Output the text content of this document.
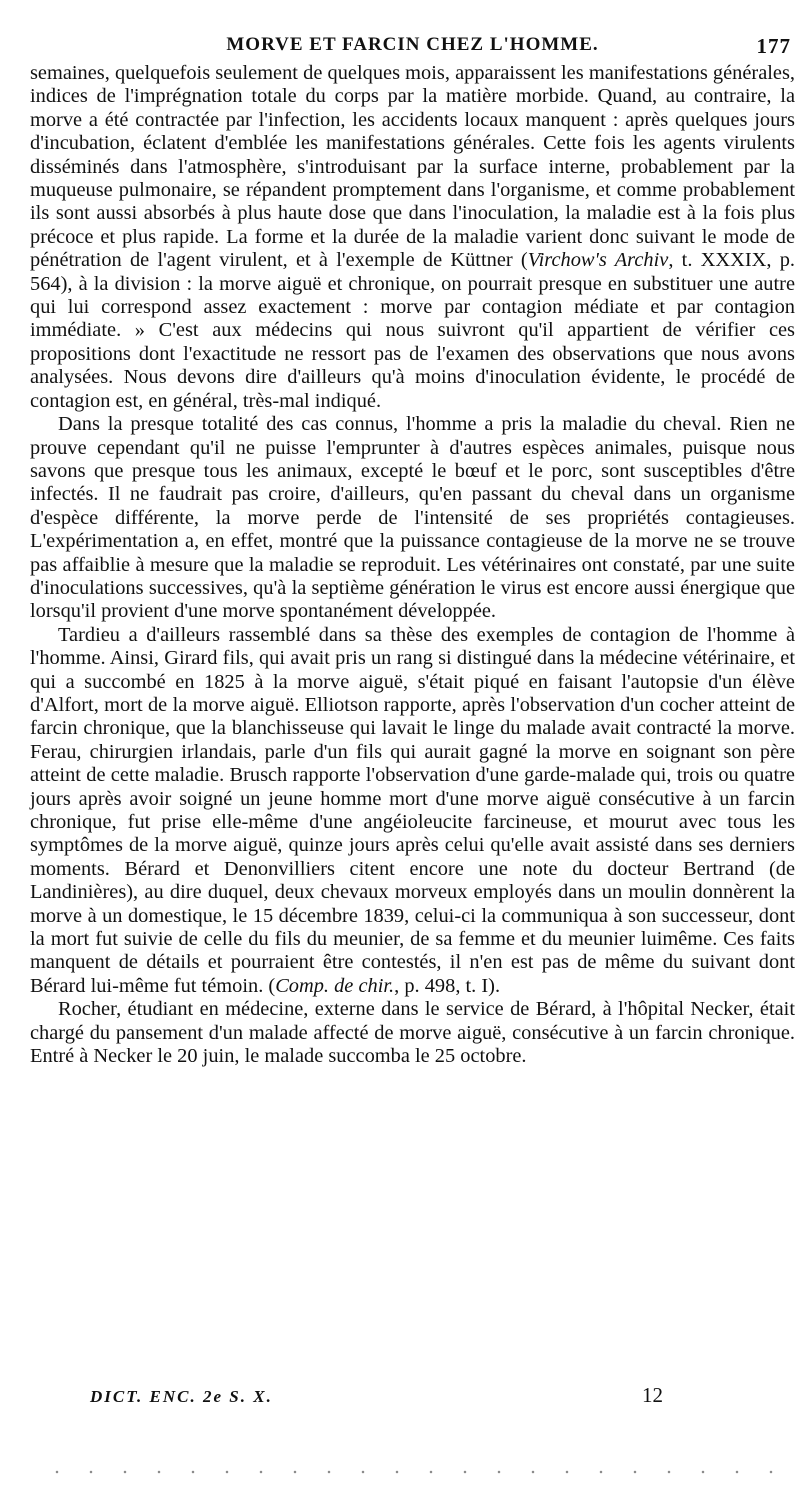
MORVE ET FARCIN CHEZ L'HOMME.	177

semaines, quelquefois seulement de quelques mois, apparaissent les manifestations générales, indices de l'imprégnation totale du corps par la matière morbide. Quand, au contraire, la morve a été contractée par l'infection, les accidents locaux manquent : après quelques jours d'incubation, éclatent d'emblée les manifestations générales. Cette fois les agents virulents disséminés dans l'atmosphère, s'introduisant par la surface interne, probablement par la muqueuse pulmonaire, se répandent promptement dans l'organisme, et comme probablement ils sont aussi absorbés à plus haute dose que dans l'inoculation, la maladie est à la fois plus précoce et plus rapide. La forme et la durée de la maladie varient donc suivant le mode de pénétration de l'agent virulent, et à l'exemple de Küttner (Virchow's Archiv, t. XXXIX, p. 564), à la division : la morve aiguë et chronique, on pourrait presque en substituer une autre qui lui correspond assez exactement : morve par contagion médiate et par contagion immédiate. » C'est aux médecins qui nous suivront qu'il appartient de vérifier ces propositions dont l'exactitude ne ressort pas de l'examen des observations que nous avons analysées. Nous devons dire d'ailleurs qu'à moins d'inoculation évidente, le procédé de contagion est, en général, très-mal indiqué.

Dans la presque totalité des cas connus, l'homme a pris la maladie du cheval. Rien ne prouve cependant qu'il ne puisse l'emprunter à d'autres espèces animales, puisque nous savons que presque tous les animaux, excepté le bœuf et le porc, sont susceptibles d'être infectés. Il ne faudrait pas croire, d'ailleurs, qu'en passant du cheval dans un organisme d'espèce différente, la morve perde de l'intensité de ses propriétés contagieuses. L'expérimentation a, en effet, montré que la puissance contagieuse de la morve ne se trouve pas affaiblie à mesure que la maladie se reproduit. Les vétérinaires ont constaté, par une suite d'inoculations successives, qu'à la septième génération le virus est encore aussi énergique que lorsqu'il provient d'une morve spontanément développée.

Tardieu a d'ailleurs rassemblé dans sa thèse des exemples de contagion de l'homme à l'homme. Ainsi, Girard fils, qui avait pris un rang si distingué dans la médecine vétérinaire, et qui a succombé en 1825 à la morve aiguë, s'était piqué en faisant l'autopsie d'un élève d'Alfort, mort de la morve aiguë. Elliotson rapporte, après l'observation d'un cocher atteint de farcin chronique, que la blanchisseuse qui lavait le linge du malade avait contracté la morve. Ferau, chirurgien irlandais, parle d'un fils qui aurait gagné la morve en soignant son père atteint de cette maladie. Brusch rapporte l'observation d'une garde-malade qui, trois ou quatre jours après avoir soigné un jeune homme mort d'une morve aiguë consécutive à un farcin chronique, fut prise elle-même d'une angéioleucite farcineuse, et mourut avec tous les symptômes de la morve aiguë, quinze jours après celui qu'elle avait assisté dans ses derniers moments. Bérard et Denonvilliers citent encore une note du docteur Bertrand (de Landinières), au dire duquel, deux chevaux morveux employés dans un moulin donnèrent la morve à un domestique, le 15 décembre 1839, celui-ci la communiqua à son successeur, dont la mort fut suivie de celle du fils du meunier, de sa femme et du meunier luimême. Ces faits manquent de détails et pourraient être contestés, il n'en est pas de même du suivant dont Bérard lui-même fut témoin. (Comp. de chir., p. 498, t. I).

Rocher, étudiant en médecine, externe dans le service de Bérard, à l'hôpital Necker, était chargé du pansement d'un malade affecté de morve aiguë, consécutive à un farcin chronique. Entré à Necker le 20 juin, le malade succomba le 25 octobre.

DICT. ENC. 2e S. X.	12
